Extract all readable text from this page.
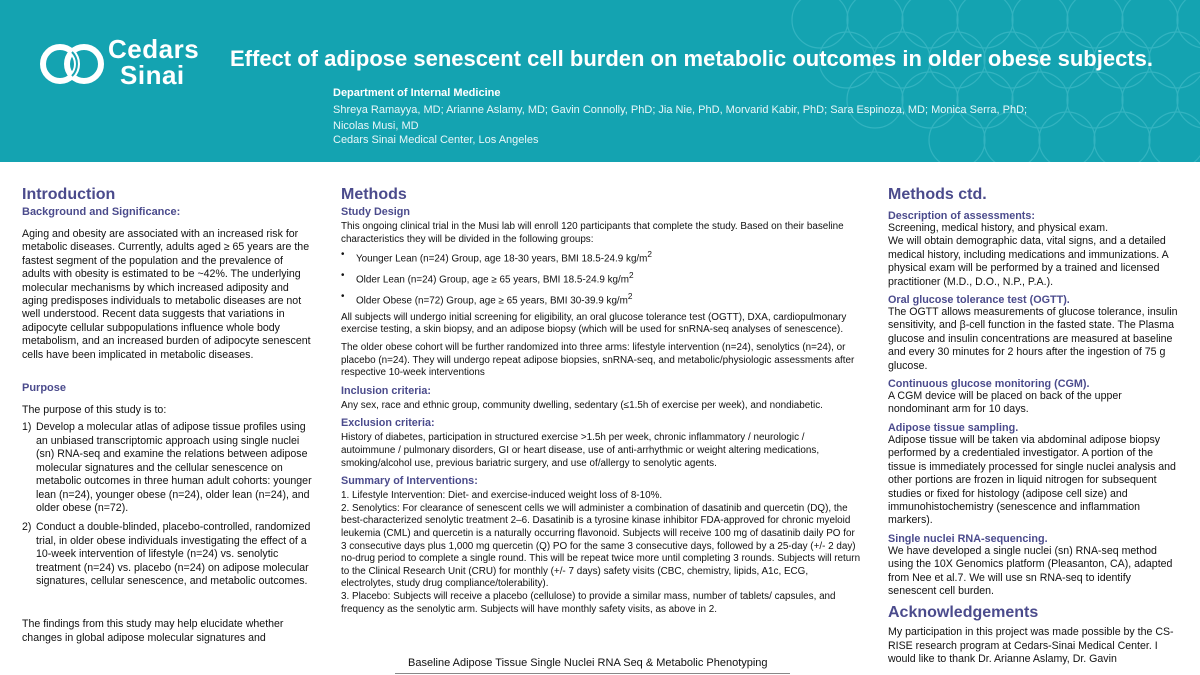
Cedars
Sinai
Effect of adipose senescent cell burden on metabolic outcomes in older obese subjects.
Department of Internal Medicine
Shreya Ramayya, MD; Arianne Aslamy, MD; Gavin Connolly, PhD; Jia Nie, PhD, Morvarid Kabir, PhD; Sara Espinoza, MD; Monica Serra, PhD; Nicolas Musi, MD
Cedars Sinai Medical Center, Los Angeles
Introduction
Background and Significance:

Aging and obesity are associated with an increased risk for metabolic diseases. Currently, adults aged ≥ 65 years are the fastest segment of the population and the prevalence of adults with obesity is estimated to be ~42%. The underlying molecular mechanisms by which increased adiposity and aging predisposes individuals to metabolic diseases are not well understood. Recent data suggests that variations in adipocyte cellular subpopulations influence whole body metabolism, and an increased burden of adipocyte senescent cells have been implicated in metabolic diseases.

Purpose

The purpose of this study is to:

1) Develop a molecular atlas of adipose tissue profiles using an unbiased transcriptomic approach using single nuclei (sn) RNA-seq and examine the relations between adipose molecular signatures and the cellular senescence on metabolic outcomes in three human adult cohorts: younger lean (n=24), younger obese (n=24), older lean (n=24), and older obese (n=72).
2) Conduct a double-blinded, placebo-controlled, randomized trial, in older obese individuals investigating the effect of a 10-week intervention of lifestyle (n=24) vs. senolytic treatment (n=24) vs. placebo (n=24) on adipose molecular signatures, cellular senescence, and metabolic outcomes.

The findings from this study may help elucidate whether changes in global adipose molecular signatures and

Methods
Study Design

This ongoing clinical trial in the Musi lab will enroll 120 participants that complete the study. Based on their baseline characteristics they will be divided in the following groups:

•	Younger Lean (n=24) Group, age 18-30 years, BMI 18.5-24.9 $kg/m^2$
•	Older Lean (n=24) Group, age ≥ 65 years, BMI 18.5-24.9 $kg/m^2$
•	Older Obese (n=72) Group, age ≥ 65 years, BMI 30-39.9 $kg/m^2$

All subjects will undergo initial screening for eligibility, an oral glucose tolerance test (OGTT), DXA, cardiopulmonary exercise testing, a skin biopsy, and an adipose biopsy (which will be used for snRNA-seq analyses of senescence).

The older obese cohort will be further randomized into three arms: lifestyle intervention (n=24), senolytics (n=24), or placebo (n=24). They will undergo repeat adipose biopsies, snRNA-seq, and metabolic/physiologic assessments after respective 10-week interventions

Inclusion criteria:

Any sex, race and ethnic group, community dwelling, sedentary (≤1.5h of exercise per week), and nondiabetic.

Exclusion criteria:

History of diabetes, participation in structured exercise >1.5h per week, chronic inflammatory / neurologic / autoimmune / pulmonary disorders, GI or heart disease, use of anti-arrhythmic or weight altering medications, smoking/alcohol use, previous bariatric surgery, and use of/allergy to senolytic agents.

Summary of Interventions:

1. Lifestyle Intervention: Diet- and exercise-induced weight loss of 8-10%.

2. Senolytics: For clearance of senescent cells we will administer a combination of dasatinib and quercetin (DQ), the best-characterized senolytic treatment 2–6. Dasatinib is a tyrosine kinase inhibitor FDA-approved for chronic myeloid leukemia (CML) and quercetin is a naturally occurring flavonoid. Subjects will receive 100 mg of dasatinib daily PO for 3 consecutive days plus 1,000 mg quercetin (Q) PO for the same 3 consecutive days, followed by a 25-day (+/- 2 day) no-drug period to complete a single round. This will be repeat twice more until completing 3 rounds. Subjects will return to the Clinical Research Unit (CRU) for monthly (+/- 7 days) safety visits (CBC, chemistry, lipids, A1c, ECG, electrolytes, study drug compliance/tolerability).

3. Placebo: Subjects will receive a placebo (cellulose) to provide a similar mass, number of tablets/ capsules, and frequency as the senolytic arm. Subjects will have monthly safety visits, as above in 2.

Baseline Adipose Tissue Single Nuclei RNA Seq & Metabolic Phenotyping
Methods ctd.
Description of assessments:

Screening, medical history, and physical exam.
We will obtain demographic data, vital signs, and a detailed medical history, including medications and immunizations. A physical exam will be performed by a trained and licensed practitioner (M.D., D.O., N.P., P.A.).

Oral glucose tolerance test (OGTT).

The OGTT allows measurements of glucose tolerance, insulin sensitivity, and β-cell function in the fasted state. The Plasma glucose and insulin concentrations are measured at baseline and every 30 minutes for 2 hours after the ingestion of 75 g glucose.

Continuous glucose monitoring (CGM).

A CGM device will be placed on back of the upper nondominant arm for 10 days.

Adipose tissue sampling.

Adipose tissue will be taken via abdominal adipose biopsy performed by a credentialed investigator. A portion of the tissue is immediately processed for single nuclei analysis and other portions are frozen in liquid nitrogen for subsequent studies or fixed for histology (adipose cell size) and immunohistochemistry (senescence and inflammation markers).

Single nuclei RNA-sequencing.

We have developed a single nuclei (sn) RNA-seq method using the 10X Genomics platform (Pleasanton, CA), adapted from Nee et al.7. We will use sn RNA-seq to identify senescent cell burden.

Acknowledgements

My participation in this project was made possible by the CS-RISE research program at Cedars-Sinai Medical Center. I would like to thank Dr. Arianne Aslamy, Dr. Gavin
